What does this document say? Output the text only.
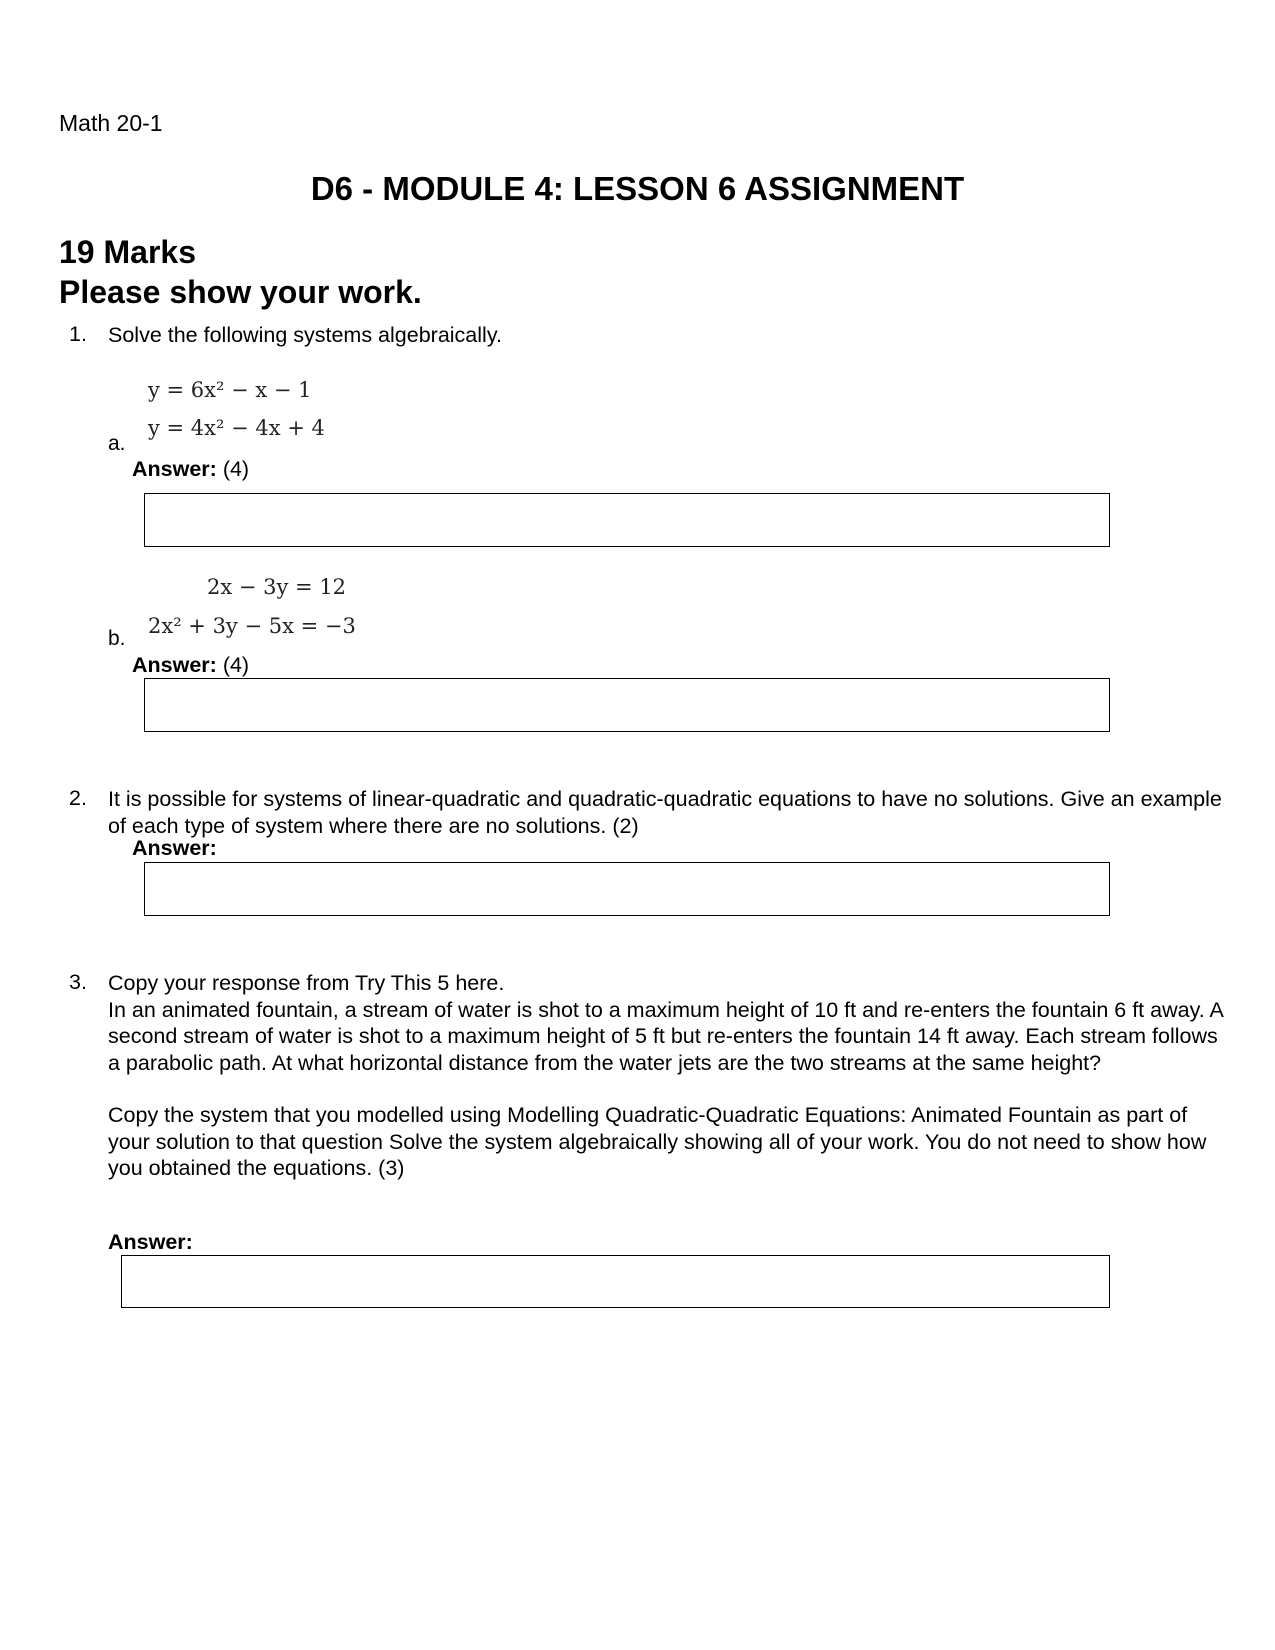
Math 20-1
D6 - MODULE 4: LESSON 6 ASSIGNMENT
19 Marks
Please show your work.
1. Solve the following systems algebraically.
y = 6x² − x − 1
y = 4x² − 4x + 4
a.
Answer: (4)
2x − 3y = 12
2x² + 3y − 5x = −3
b.
Answer: (4)
2. It is possible for systems of linear-quadratic and quadratic-quadratic equations to have no solutions. Give an example of each type of system where there are no solutions. (2)
Answer:
3. Copy your response from Try This 5 here.
In an animated fountain, a stream of water is shot to a maximum height of 10 ft and re-enters the fountain 6 ft away. A second stream of water is shot to a maximum height of 5 ft but re-enters the fountain 14 ft away. Each stream follows a parabolic path. At what horizontal distance from the water jets are the two streams at the same height?
Copy the system that you modelled using Modelling Quadratic-Quadratic Equations: Animated Fountain as part of your solution to that question Solve the system algebraically showing all of your work. You do not need to show how you obtained the equations. (3)
Answer:
